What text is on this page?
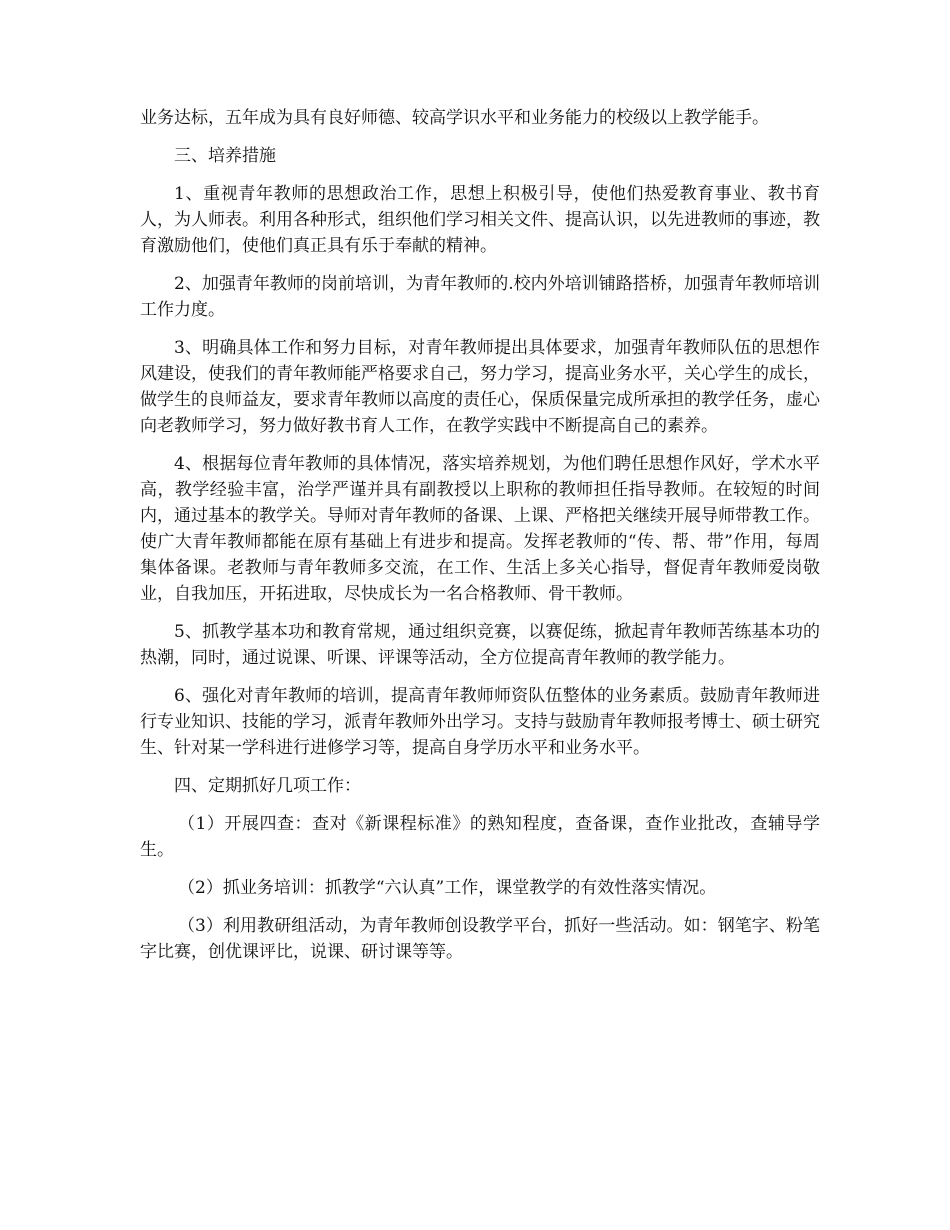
业务达标，五年成为具有良好师德、较高学识水平和业务能力的校级以上教学能手。

三、培养措施

1、重视青年教师的思想政治工作，思想上积极引导，使他们热爱教育事业、教书育人，为人师表。利用各种形式，组织他们学习相关文件、提高认识，以先进教师的事迹，教育激励他们，使他们真正具有乐于奉献的精神。

2、加强青年教师的岗前培训，为青年教师的.校内外培训铺路搭桥，加强青年教师培训工作力度。

3、明确具体工作和努力目标，对青年教师提出具体要求，加强青年教师队伍的思想作风建设，使我们的青年教师能严格要求自己，努力学习，提高业务水平，关心学生的成长，做学生的良师益友，要求青年教师以高度的责任心，保质保量完成所承担的教学任务，虚心向老教师学习，努力做好教书育人工作，在教学实践中不断提高自己的素养。

4、根据每位青年教师的具体情况，落实培养规划，为他们聘任思想作风好，学术水平高，教学经验丰富，治学严谨并具有副教授以上职称的教师担任指导教师。在较短的时间内，通过基本的教学关。导师对青年教师的备课、上课、严格把关继续开展导师带教工作。使广大青年教师都能在原有基础上有进步和提高。发挥老教师的“传、帮、带”作用，每周集体备课。老教师与青年教师多交流，在工作、生活上多关心指导，督促青年教师爱岗敬业，自我加压，开拓进取，尽快成长为一名合格教师、骨干教师。

5、抓教学基本功和教育常规，通过组织竞赛，以赛促练，掀起青年教师苦练基本功的热潮，同时，通过说课、听课、评课等活动，全方位提高青年教师的教学能力。

6、强化对青年教师的培训，提高青年教师师资队伍整体的业务素质。鼓励青年教师进行专业知识、技能的学习，派青年教师外出学习。支持与鼓励青年教师报考博士、硕士研究生、针对某一学科进行进修学习等，提高自身学历水平和业务水平。

四、定期抓好几项工作：

（1）开展四查：查对《新课程标准》的熟知程度，查备课，查作业批改，查辅导学生。

（2）抓业务培训：抓教学“六认真”工作，课堂教学的有效性落实情况。

（3）利用教研组活动，为青年教师创设教学平台，抓好一些活动。如：钢笔字、粉笔字比赛，创优课评比，说课、研讨课等等。
